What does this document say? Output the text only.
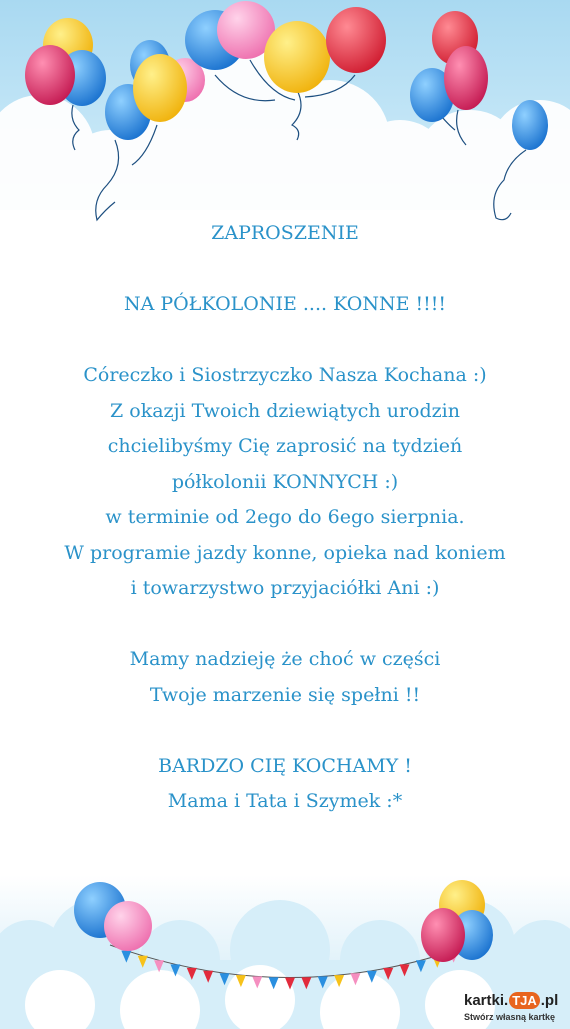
ZAPROSZENIE
NA PÓŁKOLONIE .... KONNE !!!!
Córeczko i Siostrzyczko Nasza Kochana :)
Z okazji Twoich dziewiątych urodzin
chcielibyśmy Cię zaprosić na tydzień
półkolonii KONNYCH :)
w terminie od 2ego do 6ego sierpnia.
W programie jazdy konne, opieka nad koniem
i towarzystwo przyjaciółki Ani :)
Mamy nadzieję że choć w części
Twoje marzenie się spełni !!
BARDZO CIĘ KOCHAMY !
Mama i Tata i Szymek :*
kartki. TJA .pl
Stwórz własną kartkę
